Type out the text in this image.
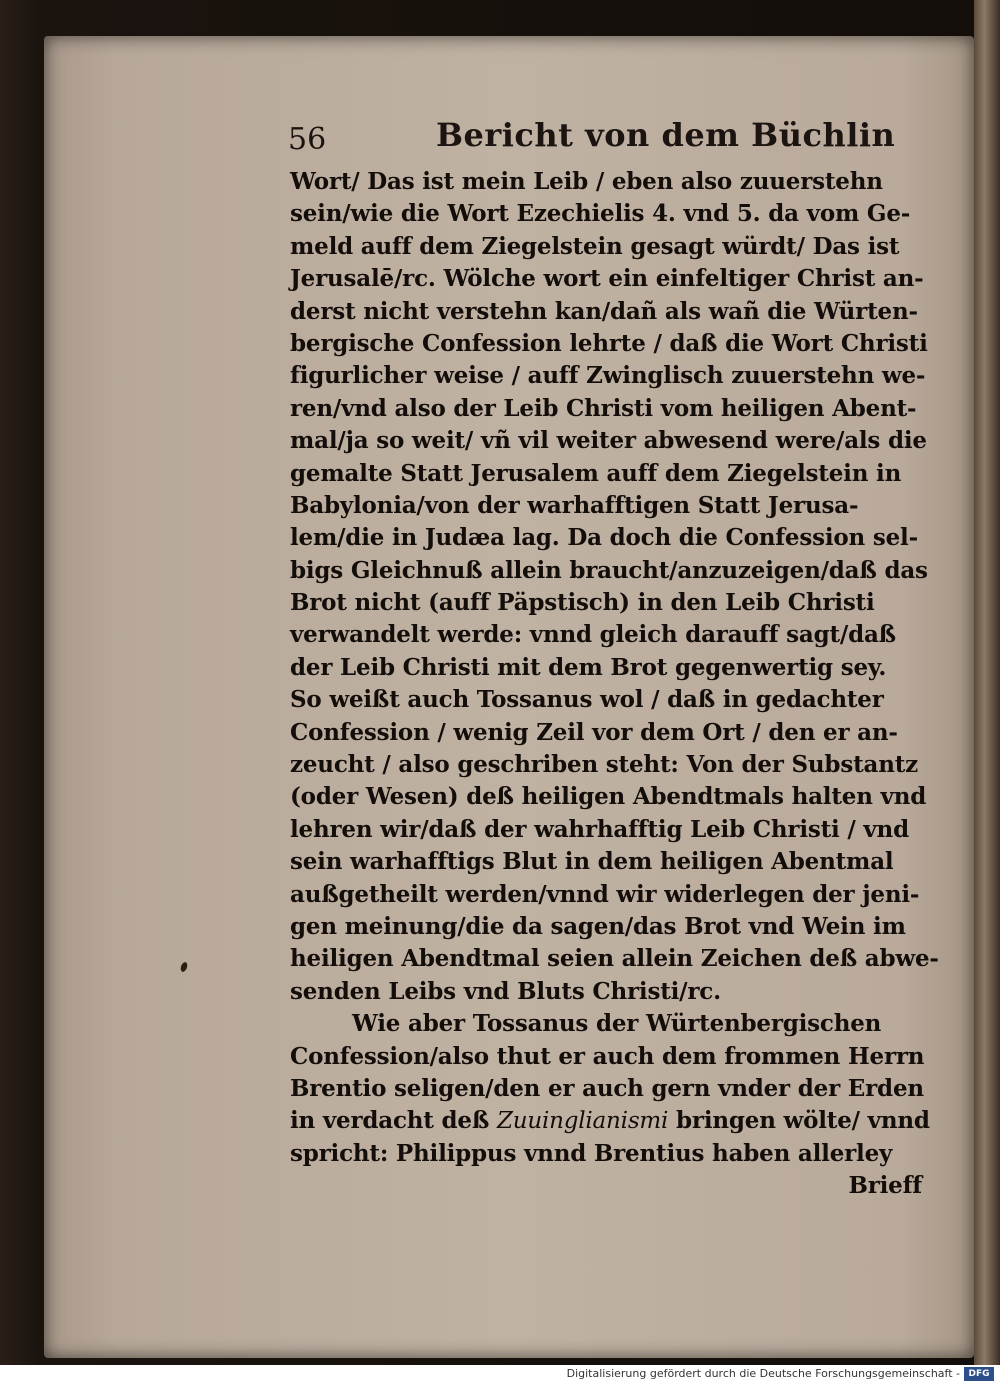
56	Bericht von dem Büchlin
Wort/ Das ist mein Leib / eben also zuuerstehn
sein/wie die Wort Ezechielis 4. vnd 5. da vom Ge-
meld auff dem Ziegelstein gesagt würdt/ Das ist
Jerusalē/rc. Wölche wort ein einfeltiger Christ an-
derst nicht verstehn kan/dañ als wañ die Würten-
bergische Confession lehrte / daß die Wort Christi
figurlicher weise / auff Zwinglisch zuuerstehn we-
ren/vnd also der Leib Christi vom heiligen Abent-
mal/ja so weit/ vñ vil weiter abwesend were/als die
gemalte Statt Jerusalem auff dem Ziegelstein in
Babylonia/von der warhafftigen Statt Jerusa-
lem/die in Judæa lag. Da doch die Confession sel-
bigs Gleichnuß allein braucht/anzuzeigen/daß das
Brot nicht (auff Päpstisch) in den Leib Christi
verwandelt werde: vnnd gleich darauff sagt/daß
der Leib Christi mit dem Brot gegenwertig sey.
So weißt auch Tossanus wol / daß in gedachter
Confession / wenig Zeil vor dem Ort / den er an-
zeucht / also geschriben steht: Von der Substantz
(oder Wesen) deß heiligen Abendtmals halten vnd
lehren wir/daß der wahrhafftig Leib Christi / vnd
sein warhafftigs Blut in dem heiligen Abentmal
außgetheilt werden/vnnd wir widerlegen der jeni-
gen meinung/die da sagen/das Brot vnd Wein im
heiligen Abendtmal seien allein Zeichen deß abwe-
senden Leibs vnd Bluts Christi/rc.
Wie aber Tossanus der Würtenbergischen
Confession/also thut er auch dem frommen Herrn
Brentio seligen/den er auch gern vnder der Erden
in verdacht deß Zuuinglianismi bringen wölte/ vnnd
spricht: Philippus vnnd Brentius haben allerley
Brieff
Digitalisierung gefördert durch die Deutsche Forschungsgemeinschaft - DFG
